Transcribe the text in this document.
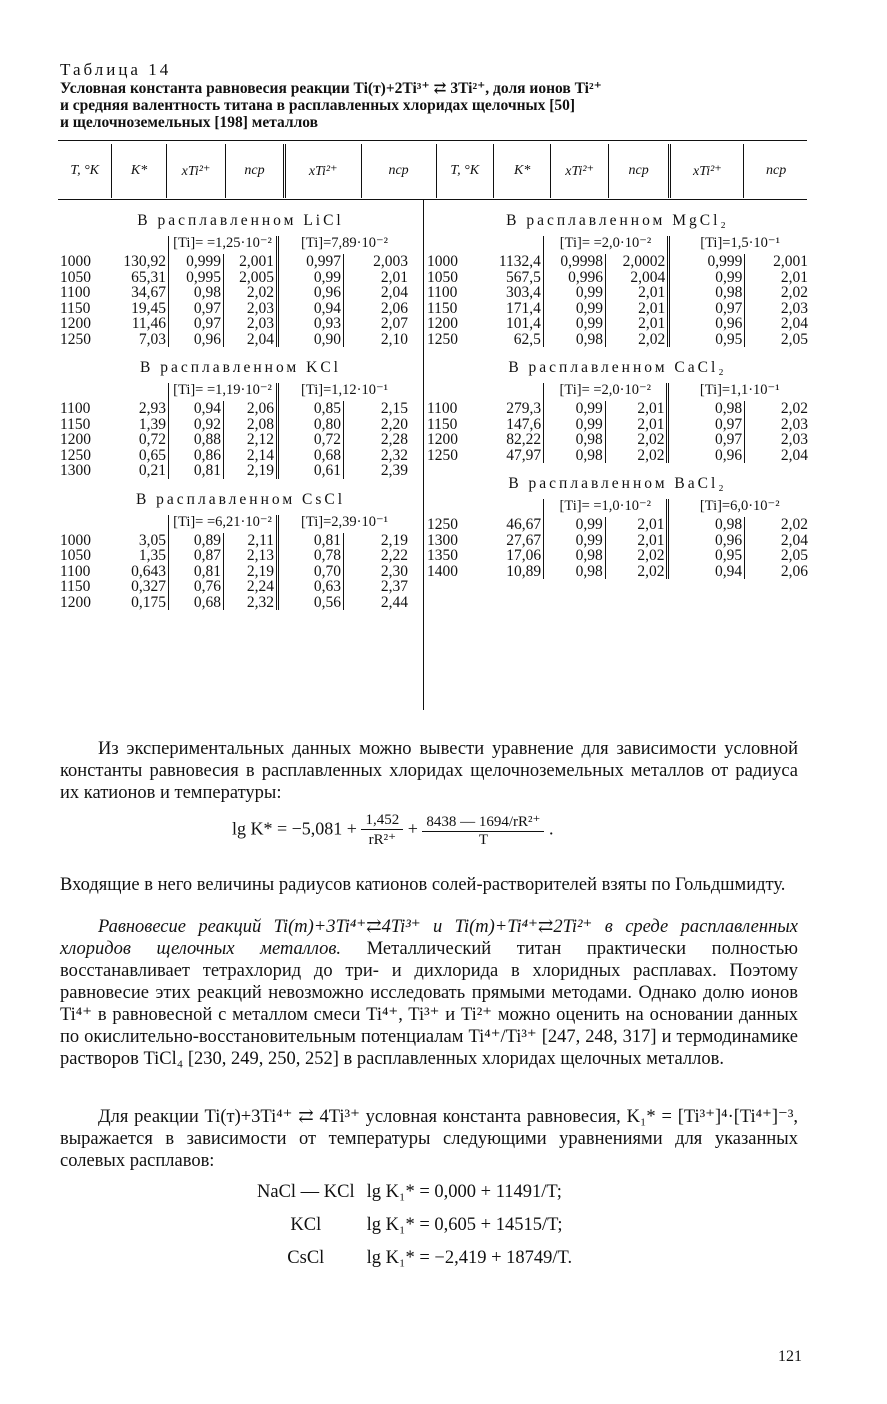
Таблица 14
Условная константа равновесия реакции Ti(т)+2Ti³⁺ ⇄ 3Ti²⁺, доля ионов Ti²⁺
и средняя валентность титана в расплавленных хлоридах щелочных [50]
и щелочноземельных [198] металлов
T, °K	K*	xTi²⁺	nср	xTi²⁺	nср	T, °K	K*	xTi²⁺	nср	xTi²⁺	nср
В расплавленном LiCl
		[Ti]= =1,25·10⁻²		[Ti]=7,89·10⁻²	
1000	130,92	0,999	2,001	0,997	2,003
1050	65,31	0,995	2,005	0,99	2,01
1100	34,67	0,98	2,02	0,96	2,04
1150	19,45	0,97	2,03	0,94	2,06
1200	11,46	0,97	2,03	0,93	2,07
1250	7,03	0,96	2,04	0,90	2,10
В расплавленном KCl
		[Ti]= =1,19·10⁻²		[Ti]=1,12·10⁻¹	
1100	2,93	0,94	2,06	0,85	2,15
1150	1,39	0,92	2,08	0,80	2,20
1200	0,72	0,88	2,12	0,72	2,28
1250	0,65	0,86	2,14	0,68	2,32
1300	0,21	0,81	2,19	0,61	2,39
В расплавленном CsCl
		[Ti]= =6,21·10⁻²		[Ti]=2,39·10⁻¹	
1000	3,05	0,89	2,11	0,81	2,19
1050	1,35	0,87	2,13	0,78	2,22
1100	0,643	0,81	2,19	0,70	2,30
1150	0,327	0,76	2,24	0,63	2,37
1200	0,175	0,68	2,32	0,56	2,44
В расплавленном MgCl₂
		[Ti]= =2,0·10⁻²		[Ti]=1,5·10⁻¹	
1000	1132,4	0,9998	2,0002	0,999	2,001
1050	567,5	0,996	2,004	0,99	2,01
1100	303,4	0,99	2,01	0,98	2,02
1150	171,4	0,99	2,01	0,97	2,03
1200	101,4	0,99	2,01	0,96	2,04
1250	62,5	0,98	2,02	0,95	2,05
В расплавленном CaCl₂
		[Ti]= =2,0·10⁻²		[Ti]=1,1·10⁻¹	
1100	279,3	0,99	2,01	0,98	2,02
1150	147,6	0,99	2,01	0,97	2,03
1200	82,22	0,98	2,02	0,97	2,03
1250	47,97	0,98	2,02	0,96	2,04
В расплавленном BaCl₂
		[Ti]= =1,0·10⁻²		[Ti]=6,0·10⁻²	
1250	46,67	0,99	2,01	0,98	2,02
1300	27,67	0,99	2,01	0,96	2,04
1350	17,06	0,98	2,02	0,95	2,05
1400	10,89	0,98	2,02	0,94	2,06
Из экспериментальных данных можно вывести уравнение для зависимости условной константы равновесия в расплавленных хлоридах щелочноземельных металлов от радиуса их катионов и температуры:
$\lg K* = -5,081 + \frac{1,452}{\text{rR²⁺}} + \frac{\text{8438 — 1694/rR²⁺}}{T}$ .
Входящие в него величины радиусов катионов солей-растворителей взяты по Гольдшмидту.
Равновесие реакций Ti(т)+3Ti⁴⁺⇄4Ti³⁺ и Ti(т)+Ti⁴⁺⇄2Ti²⁺ в среде расплавленных хлоридов щелочных металлов. Металлический титан практически полностью восстанавливает тетрахлорид до три- и дихлорида в хлоридных расплавах. Поэтому равновесие этих реакций невозможно исследовать прямыми методами. Однако долю ионов Ti⁴⁺ в равновесной с металлом смеси Ti⁴⁺, Ti³⁺ и Ti²⁺ можно оценить на основании данных по окислительно-восстановительным потенциалам Ti⁴⁺/Ti³⁺ [247, 248, 317] и термодинамике растворов TiCl₄ [230, 249, 250, 252] в расплавленных хлоридах щелочных металлов.
Для реакции Ti(т)+3Ti⁴⁺ ⇄ 4Ti³⁺ условная константа равновесия, K₁* = [Ti³⁺]⁴·[Ti⁴⁺]⁻³, выражается в зависимости от температуры следующими уравнениями для указанных солевых расплавов:
NaCl — KCl	lg K₁* = 0,000 + 11491/T;
KCl	lg K₁* = 0,605 + 14515/T;
CsCl	lg K₁* = −2,419 + 18749/T.
121
